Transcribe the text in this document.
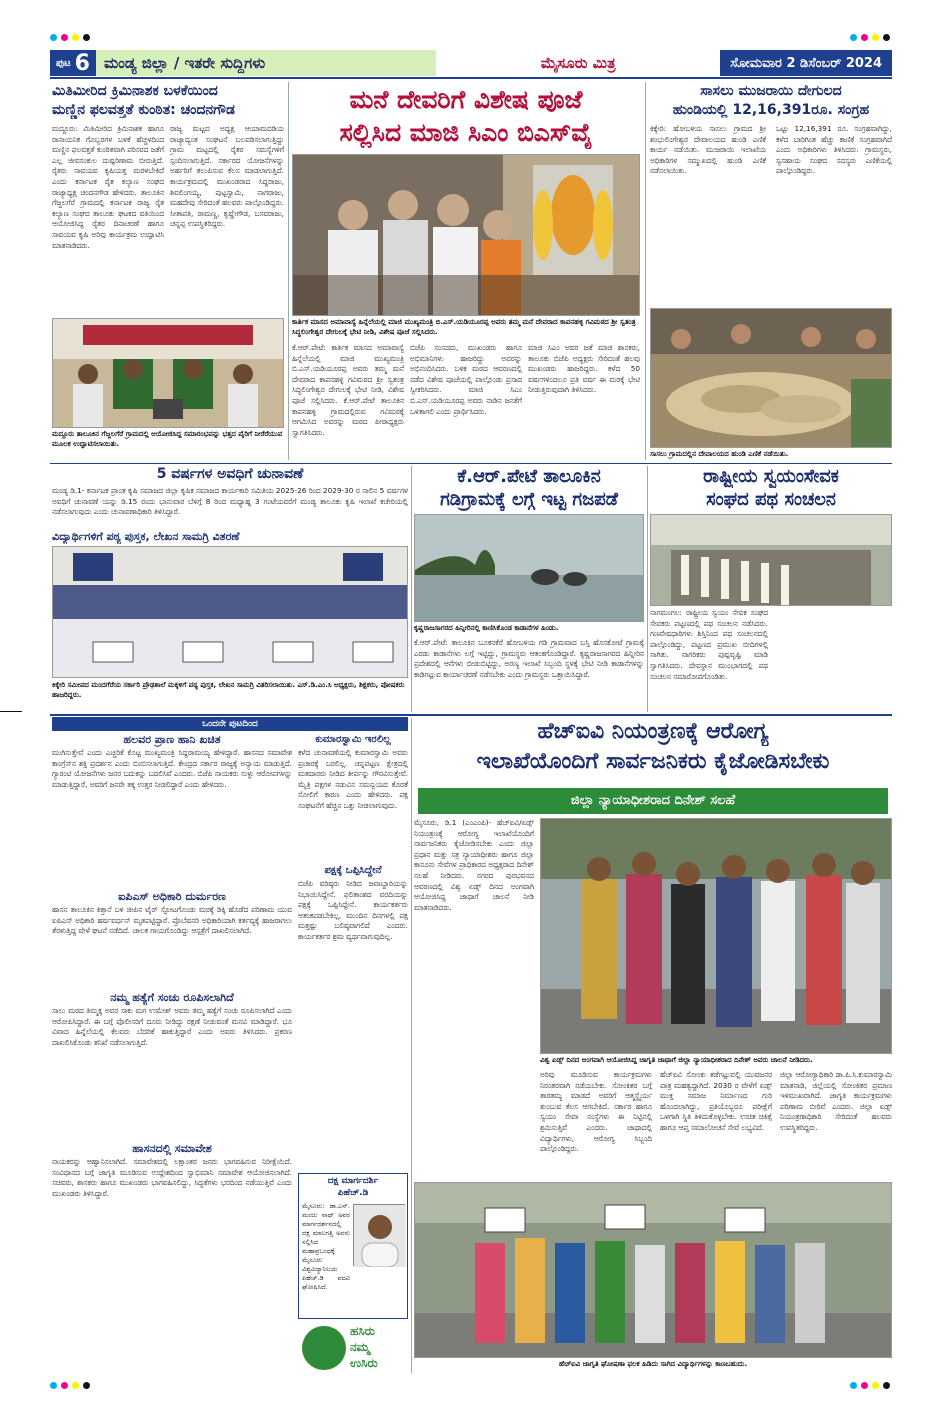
ಪುಟ 6 ಮಂಡ್ಯ ಜಿಲ್ಲಾ / ಇತರೇ ಸುದ್ದಿಗಳು	ಮೈಸೂರು ಮಿತ್ರ	ಸೋಮವಾರ 2 ಡಿಸೆಂಬರ್ 2024
ಮಿತಿಮೀರಿದ ಕ್ರಿಮಿನಾಶಕ ಬಳಕೆಯಿಂದ
ಮಣ್ಣಿನ ಫಲವತ್ತತೆ ಕುಂಠಿತ: ಚಂದನಗೌಡ
ಮದ್ದೂರು: ಮಿತಿಮೀರಿದ ಕ್ರಿಮಿನಾಶಕ ಹಾಗೂ ರಾಸಾಯನಿಕ ಗೊಬ್ಬರಗಳ ಬಳಕೆ ಹೆಚ್ಚಳದಿಂದ ಮಣ್ಣಿನ ಫಲವತ್ತತೆ ಕುಂಠಿತವಾಗಿ ಪರಿಸರದ ಜತೆಗೆ ಎಲ್ಲ ಜೀವಸಂಕುಲ ದುಷ್ಪರಿಣಾಮ ಬೀರುತ್ತಿದೆ. ರೈತರು ಸಾವಯವ ಕೃಷಿಯತ್ತ ಮರಳಬೇಕಿದೆ ಎಂದು ಕರ್ನಾಟಕ ರೈತ ಕಲ್ಯಾಣ ಸಂಘದ ರಾಜ್ಯಾಧ್ಯಕ್ಷ ಚಂದನಗೌಡ ಹೇಳಿದರು. ತಾಲೂಕಿನ ಗೆಜ್ಜಲಗೆರೆ ಗ್ರಾಮದಲ್ಲಿ ಕರ್ನಾಟಕ ರಾಜ್ಯ ರೈತ ಕಲ್ಯಾಣ ಸಂಘದ ತಾಲೂಕು ಘಟಕದ ವತಿಯಿಂದ ಆಯೋಜಿಸಿದ್ದ ರೈತರ ದಿನಾಚರಣೆ ಹಾಗೂ ಸಾವಯವ ಕೃಷಿ ಅರಿವು ಕಾರ್ಯಕ್ರಮ ಉದ್ಘಾಟಿಸಿ ಮಾತನಾಡಿದರು.
ರಾಜ್ಯ ಮಟ್ಟದ ಅಧ್ಯಕ್ಷ ಆಯಾಮದಡಿಯ ರಾಜ್ಯಾದ್ಯಂತ ಸಂಘಟನೆ ಬಲಪಡಿಸಲಾಗುತ್ತಿದ್ದು ಗ್ರಾಮ ಮಟ್ಟದಲ್ಲಿ ರೈತರ ಸಮಸ್ಯೆಗಳಿಗೆ ಸ್ಪಂದಿಸಲಾಗುತ್ತಿದೆ. ಸರ್ಕಾರದ ಯೋಜನೆಗಳನ್ನು ಅರ್ಹರಿಗೆ ತಲುಪಿಸುವ ಕೆಲಸ ಮಾಡಲಾಗುತ್ತಿದೆ. ಕಾರ್ಯಕ್ರಮದಲ್ಲಿ ಮುಖಂಡರಾದ ಸಿದ್ದರಾಜು, ಶಿವಲಿಂಗಯ್ಯ, ಪುಟ್ಟಸ್ವಾಮಿ, ನಾಗರಾಜು, ಮಹದೇವು ಸೇರಿದಂತೆ ಹಲವರು ಪಾಲ್ಗೊಂಡಿದ್ದರು. ಸೀತಾಪತಿ, ರಾಮಣ್ಣ, ಕೃಷ್ಣೇಗೌಡ, ಬಸವರಾಜು, ಚನ್ನಪ್ಪ ಉಪಸ್ಥಿತರಿದ್ದರು.
ಮದ್ದೂರು ತಾಲೂಕಿನ ಗೆಜ್ಜಲಗೆರೆ ಗ್ರಾಮದಲ್ಲಿ ಆಯೋಜಿಸಿದ್ದ ಸಮಾರಂಭವನ್ನು ಭತ್ತದ ಪೈರಿಗೆ ನೀರೆರೆಯುವ ಮೂಲಕ ಉದ್ಘಾಟಿಸಲಾಯಿತು.
ಮನೆ ದೇವರಿಗೆ ವಿಶೇಷ ಪೂಜೆ
ಸಲ್ಲಿಸಿದ ಮಾಜಿ ಸಿಎಂ ಬಿಎಸ್‌ವೈ
ಕಾರ್ತಿಕ ಮಾಸದ ಅಮಾವಾಸ್ಯೆ ಹಿನ್ನೆಲೆಯಲ್ಲಿ ಮಾಜಿ ಮುಖ್ಯಮಂತ್ರಿ ಬಿ.ಎಸ್.ಯಡಿಯೂರಪ್ಪ ಅವರು ತಮ್ಮ ಮನೆ ದೇವರಾದ ಕಾಪನಹಳ್ಳಿ ಗವಿಮಠದ ಶ್ರೀ ಸ್ವತಂತ್ರ ಸಿದ್ಧಲಿಂಗೇಶ್ವರ ದೇಗುಲಕ್ಕೆ ಭೇಟಿ ನೀಡಿ, ವಿಶೇಷ ಪೂಜೆ ಸಲ್ಲಿಸಿದರು.
ಕೆ.ಆರ್.ಪೇಟೆ: ಕಾರ್ತಿಕ ಮಾಸದ ಅಮಾವಾಸ್ಯೆ ಹಿನ್ನೆಲೆಯಲ್ಲಿ ಮಾಜಿ ಮುಖ್ಯಮಂತ್ರಿ ಬಿ.ಎಸ್.ಯಡಿಯೂರಪ್ಪ ಅವರು ತಮ್ಮ ಮನೆ ದೇವರಾದ ಕಾಪನಹಳ್ಳಿ ಗವಿಮಠದ ಶ್ರೀ ಸ್ವತಂತ್ರ ಸಿದ್ಧಲಿಂಗೇಶ್ವರ ದೇಗುಲಕ್ಕೆ ಭೇಟಿ ನೀಡಿ, ವಿಶೇಷ ಪೂಜೆ ಸಲ್ಲಿಸಿದರು. ಕೆ.ಆರ್.ಪೇಟೆ ತಾಲೂಕಿನ ಕಾಪನಹಳ್ಳಿ ಗ್ರಾಮದಲ್ಲಿರುವ ಗವಿಮಠಕ್ಕೆ ಆಗಮಿಸಿದ ಅವರನ್ನು ಮಠದ ಪೀಠಾಧ್ಯಕ್ಷರು ಸ್ವಾಗತಿಸಿದರು.
ಬಿಜೆಪಿ ಸಂಸದರು, ಮುಖಂಡರು ಹಾಗೂ ಅಭಿಮಾನಿಗಳು ಹಾಜರಿದ್ದು ಅವರನ್ನು ಅಭಿನಂದಿಸಿದರು. ಬಳಿಕ ಮಠದ ಆವರಣದಲ್ಲಿ ನಡೆದ ವಿಶೇಷ ಪೂಜೆಯಲ್ಲಿ ಪಾಲ್ಗೊಂಡು ಪ್ರಸಾದ ಸ್ವೀಕರಿಸಿದರು. ಮಾಜಿ ಸಿಎಂ ಬಿ.ಎಸ್.ಯಡಿಯೂರಪ್ಪ ಅವರು ನಾಡಿನ ಜನತೆಗೆ ಒಳಿತಾಗಲಿ ಎಂದು ಪ್ರಾರ್ಥಿಸಿದರು.
ಮಾಜಿ ಸಿಎಂ ಅವರ ಜತೆ ಮಾಜಿ ಶಾಸಕರು, ತಾಲೂಕು ಬಿಜೆಪಿ ಅಧ್ಯಕ್ಷರು ಸೇರಿದಂತೆ ಹಲವು ಮುಖಂಡರು ಹಾಜರಿದ್ದರು. ಕಳೆದ 50 ವರ್ಷಗಳಿಂದಲೂ ಪ್ರತಿ ವರ್ಷ ಈ ಮಠಕ್ಕೆ ಭೇಟಿ ನೀಡುತ್ತಿರುವುದಾಗಿ ತಿಳಿಸಿದರು.
ಸಾಸಲು ಮುಜರಾಯಿ ದೇಗುಲದ
ಹುಂಡಿಯಲ್ಲಿ 12,16,391ರೂ. ಸಂಗ್ರಹ
ಕಿಕ್ಕೇರಿ: ಹೋಬಳಿಯ ಸಾಸಲು ಗ್ರಾಮದ ಶ್ರೀ ಶಂಭುಲಿಂಗೇಶ್ವರ ದೇವಾಲಯದ ಹುಂಡಿ ಎಣಿಕೆ ಕಾರ್ಯ ನಡೆಯಿತು. ಮುಜರಾಯಿ ಇಲಾಖೆಯ ಅಧಿಕಾರಿಗಳ ಸಮ್ಮುಖದಲ್ಲಿ ಹುಂಡಿ ಎಣಿಕೆ ನಡೆಸಲಾಯಿತು.
ಒಟ್ಟು 12,16,391 ರೂ. ಸಂಗ್ರಹವಾಗಿದ್ದು, ಕಳೆದ ಬಾರಿಗಿಂತ ಹೆಚ್ಚು ಕಾಣಿಕೆ ಸಂಗ್ರಹವಾಗಿದೆ ಎಂದು ಅಧಿಕಾರಿಗಳು ತಿಳಿಸಿದರು. ಗ್ರಾಮಸ್ಥರು, ಸ್ವಸಹಾಯ ಸಂಘದ ಸದಸ್ಯರು ಎಣಿಕೆಯಲ್ಲಿ ಪಾಲ್ಗೊಂಡಿದ್ದರು.
ಸಾಸಲು ಗ್ರಾಮದಲ್ಲಿನ ದೇವಾಲಯದ ಹುಂಡಿ ಎಣಿಕೆ ನಡೆಯಿತು.
5 ವರ್ಷಗಳ ಅವಧಿಗೆ ಚುನಾವಣೆ
ಮಂಡ್ಯ ಡಿ.1- ಕರ್ನಾಟಕ ಪ್ರಾಂತ ಕೃಷಿ ಸಮಾಜದ ಜಿಲ್ಲಾ ಕೃಷಿಕ ಸಮಾಜದ ಕಾರ್ಯಕಾರಿ ಸಮಿತಿಯ 2025-26 ರಿಂದ 2029-30 ರ ಸಾಲಿನ 5 ವರ್ಷಗಳ ಅವಧಿಗೆ ಚುನಾವಣೆ ಯನ್ನು ಡಿ.15 ರಂದು ಭಾನುವಾರ ಬೆಳಿಗ್ಗೆ 8 ರಿಂದ ಮಧ್ಯಾಹ್ನ 3 ಗಂಟೆಯವರೆಗೆ ಮಂಡ್ಯ ತಾಲೂಕು ಕೃಷಿ ಇಲಾಖೆ ಕಚೇರಿಯಲ್ಲಿ ನಡೆಸಲಾಗುವುದು ಎಂದು ಚುನಾವಣಾಧಿಕಾರಿ ತಿಳಿಸಿದ್ದಾರೆ.
ವಿದ್ಯಾರ್ಥಿಗಳಿಗೆ ಪಠ್ಯ ಪುಸ್ತಕ, ಲೇಖನ ಸಾಮಗ್ರಿ ವಿತರಣೆ
ಕಿಕ್ಕೇರಿ ಸಮೀಪದ ಮಂದಗೆರೆಯ ಸರ್ಕಾರಿ ಪ್ರೌಢಶಾಲೆ ಮಕ್ಕಳಿಗೆ ಪಠ್ಯ ಪುಸ್ತಕ, ಲೇಖನ ಸಾಮಗ್ರಿ ವಿತರಿಸಲಾಯಿತು. ಎಸ್‌.ಡಿ.ಎಂ.ಸಿ ಅಧ್ಯಕ್ಷರು, ಶಿಕ್ಷಕರು, ಪೋಷಕರು ಹಾಜರಿದ್ದರು.
ಕೆ.ಆರ್.ಪೇಟೆ ತಾಲೂಕಿನ
ಗಡಿಗ್ರಾಮಕ್ಕೆ ಲಗ್ಗೆ ಇಟ್ಟ ಗಜಪಡೆ
ಕೃಷ್ಣರಾಜಸಾಗರದ ಹಿನ್ನೀರಿನಲ್ಲಿ ಕಾಣಿಸಿಕೊಂಡ ಕಾಡಾನೆಗಳ ಹಿಂಡು.
ಕೆ.ಆರ್.ಪೇಟೆ: ತಾಲೂಕಿನ ಬೂಕನಕೆರೆ ಹೋಬಳಿಯ ಗಡಿ ಗ್ರಾಮವಾದ ಬಸ್ತಿ ಹೊಸಕೋಟೆ ಗ್ರಾಮಕ್ಕೆ ಎರಡು ಕಾಡಾನೆಗಳು ಲಗ್ಗೆ ಇಟ್ಟಿದ್ದು, ಗ್ರಾಮಸ್ಥರು ಆತಂಕಗೊಂಡಿದ್ದಾರೆ. ಕೃಷ್ಣರಾಜಸಾಗರದ ಹಿನ್ನೀರಿನ ಪ್ರದೇಶದಲ್ಲಿ ಆನೆಗಳು ಬೀಡುಬಿಟ್ಟಿದ್ದು, ಅರಣ್ಯ ಇಲಾಖೆ ಸಿಬ್ಬಂದಿ ಸ್ಥಳಕ್ಕೆ ಭೇಟಿ ನೀಡಿ ಕಾಡಾನೆಗಳನ್ನು ಕಾಡಿಗಟ್ಟುವ ಕಾರ್ಯಾಚರಣೆ ನಡೆಸಬೇಕು ಎಂದು ಗ್ರಾಮಸ್ಥರು ಒತ್ತಾಯಿಸಿದ್ದಾರೆ.
ರಾಷ್ಟ್ರೀಯ ಸ್ವಯಂಸೇವಕ
ಸಂಘದ ಪಥ ಸಂಚಲನ
ನಾಗಮಂಗಲ: ರಾಷ್ಟ್ರೀಯ ಸ್ವಯಂ ಸೇವಕ ಸಂಘದ ಸೇವಕರು ಪಟ್ಟಣದಲ್ಲಿ ಪಥ ಸಂಚಲನ ನಡೆಸಿದರು. ಗಣವೇಷಧಾರಿಗಳು ಶಿಸ್ತಿನಿಂದ ಪಥ ಸಂಚಲನದಲ್ಲಿ ಪಾಲ್ಗೊಂಡಿದ್ದು, ಪಟ್ಟಣದ ಪ್ರಮುಖ ಬೀದಿಗಳಲ್ಲಿ ಸಾಗಿತು. ನಾಗರಿಕರು ಪುಷ್ಪವೃಷ್ಟಿ ಮಾಡಿ ಸ್ವಾಗತಿಸಿದರು. ದೇವಸ್ಥಾನ ಮುಂಭಾಗದಲ್ಲಿ ಪಥ ಸಂಚಲನ ಸಮಾರೋಪಗೊಂಡಿತು.
ಒಂದನೇ ಪುಟದಿಂದ
ಹಲವರ ಪ್ರಾಣ ಹಾನಿ ಖಚಿತ
ಮುಗಿಸುತ್ತೇವೆ ಎಂದು ಎಚ್ಚರಿಕೆ ಕೊಟ್ಟ ಮುಖ್ಯಮಂತ್ರಿ ಸಿದ್ದರಾಮಯ್ಯ ಹೇಳಿದ್ದಾರೆ. ಹಾಸನದ ಸಮಾವೇಶ ಕಾಂಗ್ರೆಸ್‌ನ ಶಕ್ತಿ ಪ್ರದರ್ಶನ ಎಂದು ಬಿಂಬಿಸಲಾಗುತ್ತಿದೆ. ಕೇಂದ್ರದ ಸರ್ಕಾರ ರಾಜ್ಯಕ್ಕೆ ಅನ್ಯಾಯ ಮಾಡುತ್ತಿದೆ. ಗ್ಯಾರಂಟಿ ಯೋಜನೆಗಳು ಜನರ ಬದುಕನ್ನು ಬದಲಿಸಿವೆ ಎಂದರು. ಬಿಜೆಪಿ ನಾಯಕರು ಸುಳ್ಳು ಆರೋಪಗಳನ್ನು ಮಾಡುತ್ತಿದ್ದಾರೆ, ಅವರಿಗೆ ಜನರೇ ತಕ್ಕ ಉತ್ತರ ನೀಡಲಿದ್ದಾರೆ ಎಂದು ಹೇಳಿದರು.
ಐಪಿಎಸ್ ಅಧಿಕಾರಿ ದುರ್ಮರಣ
ಹಾಸನ ತಾಲೂಕಿನ ಕಿತ್ತಾನೆ ಬಳಿ ಜೀಪಿನ ಟೈರ್ ಸ್ಫೋಟಗೊಂಡು ಮರಕ್ಕೆ ಡಿಕ್ಕಿ ಹೊಡೆದ ಪರಿಣಾಮ ಯುವ ಐಪಿಎಸ್ ಅಧಿಕಾರಿ ಹರ್ಷವರ್ಧನ್ ಮೃತಪಟ್ಟಿದ್ದಾರೆ. ಪ್ರೊಬೆಷನರಿ ಅಧಿಕಾರಿಯಾಗಿ ಕರ್ತವ್ಯಕ್ಕೆ ಹಾಜರಾಗಲು ತೆರಳುತ್ತಿದ್ದ ವೇಳೆ ಘಟನೆ ನಡೆದಿದೆ. ಚಾಲಕ ಗಾಯಗೊಂಡಿದ್ದು ಆಸ್ಪತ್ರೆಗೆ ದಾಖಲಿಸಲಾಗಿದೆ.
ನಮ್ಮ ಹತ್ಯೆಗೆ ಸಂಚು ರೂಪಿಸಲಾಗಿದೆ
ಸಾಲು ಮರದ ತಿಮ್ಮಕ್ಕ ಅವರ ಸಾಕು ಮಗ ಉಮೇಶ್ ಅವರು ತಮ್ಮ ಹತ್ಯೆಗೆ ಸಂಚು ರೂಪಿಸಲಾಗಿದೆ ಎಂದು ಆರೋಪಿಸಿದ್ದಾರೆ. ಈ ಬಗ್ಗೆ ಪೊಲೀಸರಿಗೆ ದೂರು ನೀಡಿದ್ದು ರಕ್ಷಣೆ ನೀಡುವಂತೆ ಮನವಿ ಮಾಡಿದ್ದಾರೆ. ಭೂ ವಿವಾದ ಹಿನ್ನೆಲೆಯಲ್ಲಿ ಕೆಲವರು ಬೆದರಿಕೆ ಹಾಕುತ್ತಿದ್ದಾರೆ ಎಂದು ಅವರು ತಿಳಿಸಿದರು. ಪ್ರಕರಣ ದಾಖಲಿಸಿಕೊಂಡು ತನಿಖೆ ನಡೆಸಲಾಗುತ್ತಿದೆ.
ಹಾಸನದಲ್ಲಿ ಸಮಾವೇಶ
ನಾಯಕರನ್ನು ಆಹ್ವಾನಿಸಲಾಗಿದೆ. ಸಮಾವೇಶದಲ್ಲಿ ಲಕ್ಷಾಂತರ ಜನರು ಭಾಗವಹಿಸುವ ನಿರೀಕ್ಷೆಯಿದೆ. ಸಂವಿಧಾನದ ಬಗ್ಗೆ ಜಾಗೃತಿ ಮೂಡಿಸುವ ಉದ್ದೇಶದಿಂದ ಸ್ವಾಭಿಮಾನಿ ಸಮಾವೇಶ ಆಯೋಜಿಸಲಾಗಿದೆ. ಸಚಿವರು, ಶಾಸಕರು ಹಾಗೂ ಮುಖಂಡರು ಭಾಗವಹಿಸಲಿದ್ದು, ಸಿದ್ಧತೆಗಳು ಭರದಿಂದ ನಡೆಯುತ್ತಿವೆ ಎಂದು ಮುಖಂಡರು ತಿಳಿಸಿದ್ದಾರೆ.
ಕುಮಾರಸ್ವಾಮಿ ಇರಲಿಲ್ಲ
ಕಳೆದ ಚುನಾವಣೆಯಲ್ಲಿ ಕುಮಾರಸ್ವಾಮಿ ಅವರು ಪ್ರಚಾರಕ್ಕೆ ಬರಲಿಲ್ಲ. ಚನ್ನಪಟ್ಟಣ ಕ್ಷೇತ್ರದಲ್ಲಿ ಮತದಾರರು ನೀಡಿದ ತೀರ್ಪನ್ನು ಗೌರವಿಸುತ್ತೇವೆ. ಮೈತ್ರಿ ಪಕ್ಷಗಳ ನಡುವಿನ ಸಮನ್ವಯದ ಕೊರತೆ ಸೋಲಿಗೆ ಕಾರಣ ಎಂದು ಹೇಳಿದರು. ಪಕ್ಷ ಸಂಘಟನೆಗೆ ಹೆಚ್ಚಿನ ಒತ್ತು ನೀಡಲಾಗುವುದು.
ಪಕ್ಷಕ್ಕೆ ಒಪ್ಪಿಸಿದ್ದೇನೆ
ಬಿಜೆಪಿ ವರಿಷ್ಠರು ನೀಡಿದ ಜವಾಬ್ದಾರಿಯನ್ನು ನಿಭಾಯಿಸಿದ್ದೇನೆ. ಫಲಿತಾಂಶದ ವರದಿಯನ್ನು ಪಕ್ಷಕ್ಕೆ ಒಪ್ಪಿಸಿದ್ದೇನೆ. ಕಾರ್ಯಕರ್ತರು ಆತಂಕಪಡಬೇಕಿಲ್ಲ, ಮುಂದಿನ ದಿನಗಳಲ್ಲಿ ಪಕ್ಷ ಮತ್ತಷ್ಟು ಬಲಿಷ್ಠವಾಗಲಿದೆ ಎಂದರು. ಕಾರ್ಯಕರ್ತರ ಶ್ರಮ ವ್ಯರ್ಥವಾಗುವುದಿಲ್ಲ.
ದಕ್ಷ ಮಾರ್ಗದರ್ಶಿ
ಪಿಹೆಚ್.ಡಿ
ಮೈಸೂರು: ಡಾ.ಎನ್. ಮಂಜು ನಾಥ್ ಅವರ ಮಾರ್ಗದರ್ಶನದಲ್ಲಿ ದಕ್ಷ ಮಾಲಗತ್ತಿ ಅವರು ಸಲ್ಲಿಸಿದ ಮಹಾಪ್ರಬಂಧಕ್ಕೆ ಮೈಸೂರು ವಿಶ್ವವಿದ್ಯಾನಿಲಯ ಪಿಹೆಚ್.ಡಿ ಪದವಿ ಘೋಷಿಸಿದೆ.
ಹಸಿರು
ನಮ್ಮ
ಉಸಿರು
ಹೆಚ್‌ಐವಿ ನಿಯಂತ್ರಣಕ್ಕೆ ಆರೋಗ್ಯ
ಇಲಾಖೆಯೊಂದಿಗೆ ಸಾರ್ವಜನಿಕರು ಕೈಜೋಡಿಸಬೇಕು
ಜಿಲ್ಲಾ ನ್ಯಾಯಾಧೀಶರಾದ ದಿನೇಶ್ ಸಲಹೆ
ಮೈಸೂರು, ಡಿ.1 (ಎಂಎಂಪಿ)- ಹೆಚ್‌ಐವಿ/ಏಡ್ಸ್ ನಿಯಂತ್ರಣಕ್ಕೆ ಆರೋಗ್ಯ ಇಲಾಖೆಯೊಂದಿಗೆ ಸಾರ್ವಜನಿಕರು ಕೈಜೋಡಿಸಬೇಕು ಎಂದು ಜಿಲ್ಲಾ ಪ್ರಧಾನ ಮತ್ತು ಸತ್ರ ನ್ಯಾಯಾಧೀಶರು ಹಾಗೂ ಜಿಲ್ಲಾ ಕಾನೂನು ಸೇವೆಗಳ ಪ್ರಾಧಿಕಾರದ ಅಧ್ಯಕ್ಷರಾದ ದಿನೇಶ್ ಸಲಹೆ ನೀಡಿದರು. ನಗರದ ಪುರಭವನದ ಆವರಣದಲ್ಲಿ ವಿಶ್ವ ಏಡ್ಸ್ ದಿನದ ಅಂಗವಾಗಿ ಆಯೋಜಿಸಿದ್ದ ಜಾಥಾಗೆ ಚಾಲನೆ ನೀಡಿ ಮಾತನಾಡಿದರು.
ವಿಶ್ವ ಏಡ್ಸ್ ದಿನದ ಅಂಗವಾಗಿ ಆಯೋಜಿಸಿದ್ದ ಜಾಗೃತಿ ಜಾಥಾಗೆ ಜಿಲ್ಲಾ ನ್ಯಾಯಾಧೀಶರಾದ ದಿನೇಶ್ ಅವರು ಚಾಲನೆ ನೀಡಿದರು.
ಅರಿವು ಮೂಡಿಸುವ ಕಾರ್ಯಕ್ರಮಗಳು ನಿರಂತರವಾಗಿ ನಡೆಯಬೇಕು. ಸೋಂಕಿತರ ಬಗ್ಗೆ ತಾರತಮ್ಯ ಮಾಡದೆ ಅವರಿಗೆ ಆತ್ಮಸ್ಥೈರ್ಯ ತುಂಬುವ ಕೆಲಸ ಆಗಬೇಕಿದೆ. ಸರ್ಕಾರ ಹಾಗೂ ಸ್ವಯಂ ಸೇವಾ ಸಂಸ್ಥೆಗಳು ಈ ನಿಟ್ಟಿನಲ್ಲಿ ಶ್ರಮಿಸುತ್ತಿವೆ ಎಂದರು. ಜಾಥಾದಲ್ಲಿ ವಿದ್ಯಾರ್ಥಿಗಳು, ಆರೋಗ್ಯ ಸಿಬ್ಬಂದಿ ಪಾಲ್ಗೊಂಡಿದ್ದರು.
ಹೆಚ್‌ಐವಿ ಸೋಂಕು ತಡೆಗಟ್ಟುವಲ್ಲಿ ಯುವಜನರ ಪಾತ್ರ ಮಹತ್ವದ್ದಾಗಿದೆ. 2030 ರ ವೇಳೆಗೆ ಏಡ್ಸ್ ಮುಕ್ತ ಸಮಾಜ ನಿರ್ಮಾಣದ ಗುರಿ ಹೊಂದಲಾಗಿದ್ದು, ಪ್ರತಿಯೊಬ್ಬರೂ ಪರೀಕ್ಷೆಗೆ ಒಳಗಾಗಿ ಸ್ಥಿತಿ ತಿಳಿದುಕೊಳ್ಳಬೇಕು. ಉಚಿತ ಚಿಕಿತ್ಸೆ ಹಾಗೂ ಆಪ್ತ ಸಮಾಲೋಚನೆ ಸೇವೆ ಲಭ್ಯವಿದೆ.
ಜಿಲ್ಲಾ ಆರೋಗ್ಯಾಧಿಕಾರಿ ಡಾ.ಪಿ.ಸಿ.ಕುಮಾರಸ್ವಾಮಿ ಮಾತನಾಡಿ, ಜಿಲ್ಲೆಯಲ್ಲಿ ಸೋಂಕಿತರ ಪ್ರಮಾಣ ಇಳಿಮುಖವಾಗಿದೆ. ಜಾಗೃತಿ ಕಾರ್ಯಕ್ರಮಗಳು ಪರಿಣಾಮ ಬೀರಿವೆ ಎಂದರು. ಜಿಲ್ಲಾ ಏಡ್ಸ್ ನಿಯಂತ್ರಣಾಧಿಕಾರಿ ಸೇರಿದಂತೆ ಹಲವರು ಉಪಸ್ಥಿತರಿದ್ದರು.
ಹೆಚ್‌ಐವಿ ಜಾಗೃತಿ ಘೋಷಣಾ ಫಲಕ ಹಿಡಿದು ಸಾಗಿದ ವಿದ್ಯಾರ್ಥಿಗಳನ್ನು ಕಾಣಬಹುದು.
